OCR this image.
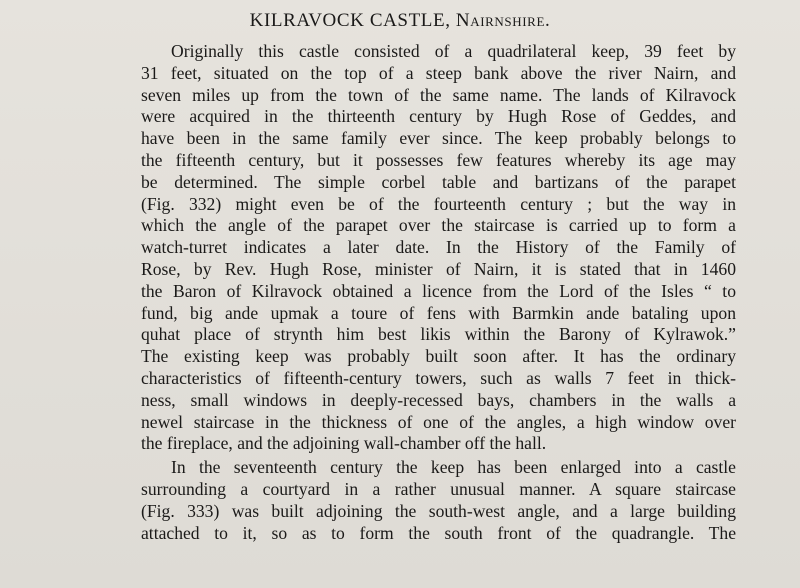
KILRAVOCK CASTLE, Nairnshire.
Originally this castle consisted of a quadrilateral keep, 39 feet by
31 feet, situated on the top of a steep bank above the river Nairn, and
seven miles up from the town of the same name. The lands of Kilravock
were acquired in the thirteenth century by Hugh Rose of Geddes, and
have been in the same family ever since. The keep probably belongs to
the fifteenth century, but it possesses few features whereby its age may
be determined. The simple corbel table and bartizans of the parapet
(Fig. 332) might even be of the fourteenth century ; but the way in
which the angle of the parapet over the staircase is carried up to form a
watch-turret indicates a later date. In the History of the Family of
Rose, by Rev. Hugh Rose, minister of Nairn, it is stated that in 1460
the Baron of Kilravock obtained a licence from the Lord of the Isles “ to
fund, big ande upmak a toure of fens with Barmkin ande bataling upon
quhat place of strynth him best likis within the Barony of Kylrawok.”
The existing keep was probably built soon after. It has the ordinary
characteristics of fifteenth-century towers, such as walls 7 feet in thick-
ness, small windows in deeply-recessed bays, chambers in the walls a
newel staircase in the thickness of one of the angles, a high window over
the fireplace, and the adjoining wall-chamber off the hall.
In the seventeenth century the keep has been enlarged into a castle
surrounding a courtyard in a rather unusual manner. A square staircase
(Fig. 333) was built adjoining the south-west angle, and a large building
attached to it, so as to form the south front of the quadrangle. The
